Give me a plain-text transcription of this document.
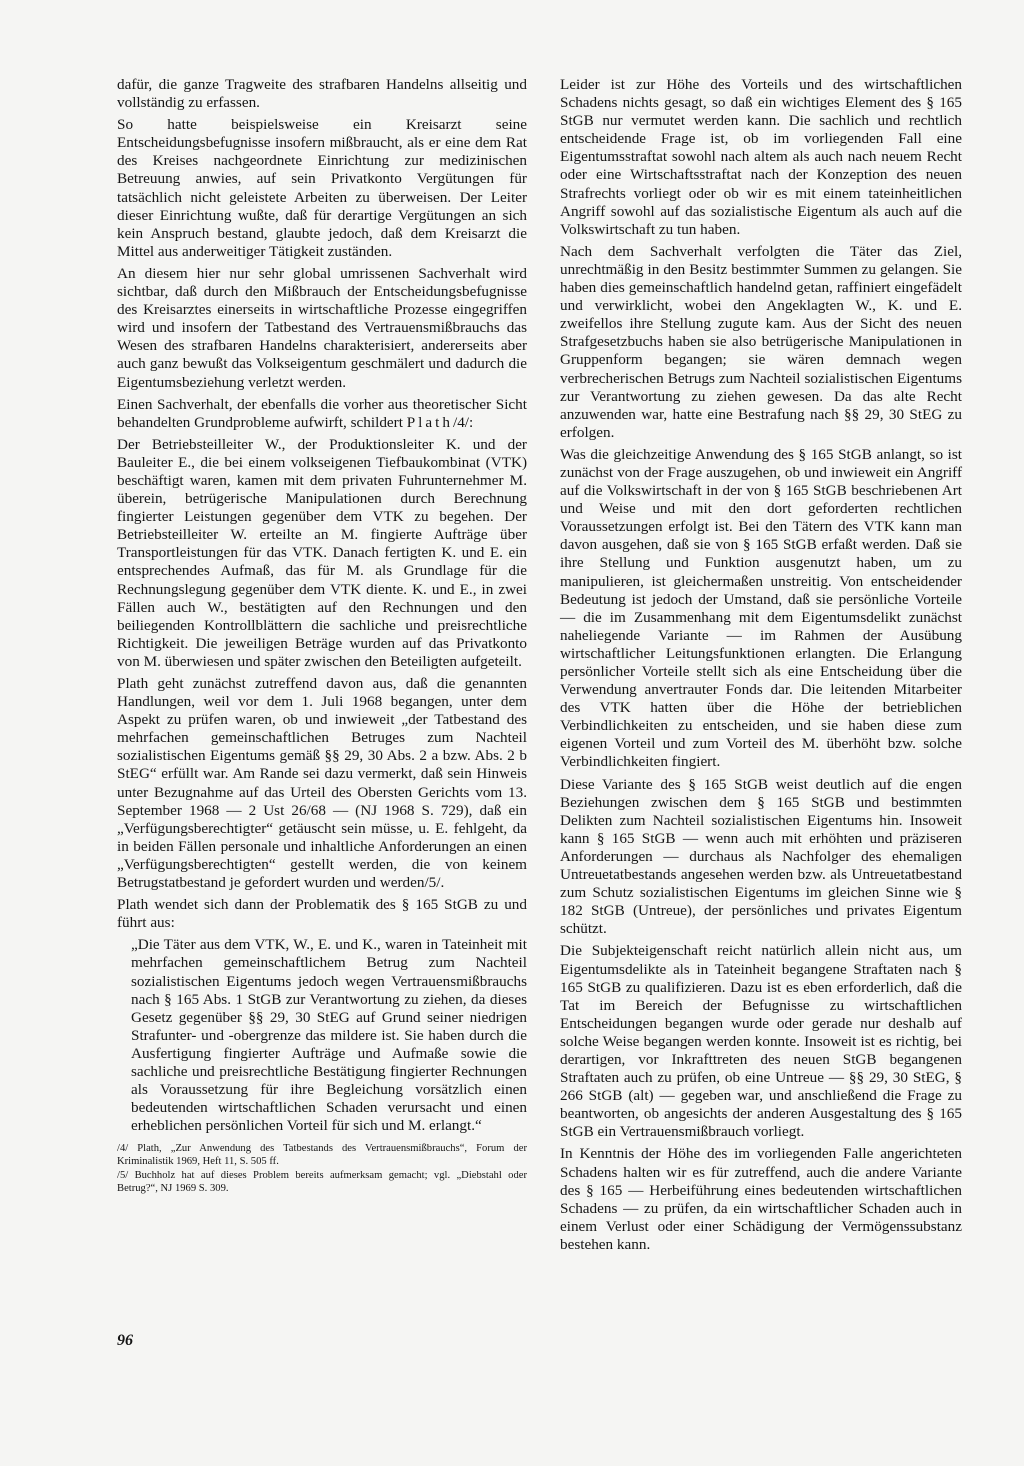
dafür, die ganze Tragweite des strafbaren Handelns allseitig und vollständig zu erfassen.

So hatte beispielsweise ein Kreisarzt seine Entscheidungsbefugnisse insofern mißbraucht, als er eine dem Rat des Kreises nachgeordnete Einrichtung zur medizinischen Betreuung anwies, auf sein Privatkonto Vergütungen für tatsächlich nicht geleistete Arbeiten zu überweisen. Der Leiter dieser Einrichtung wußte, daß für derartige Vergütungen an sich kein Anspruch bestand, glaubte jedoch, daß dem Kreisarzt die Mittel aus anderweitiger Tätigkeit zuständen.

An diesem hier nur sehr global umrissenen Sachverhalt wird sichtbar, daß durch den Mißbrauch der Entscheidungsbefugnisse des Kreisarztes einerseits in wirtschaftliche Prozesse eingegriffen wird und insofern der Tatbestand des Vertrauensmißbrauchs das Wesen des strafbaren Handelns charakterisiert, andererseits aber auch ganz bewußt das Volkseigentum geschmälert und dadurch die Eigentumsbeziehung verletzt werden.

Einen Sachverhalt, der ebenfalls die vorher aus theoretischer Sicht behandelten Grundprobleme aufwirft, schildert Plath/4/:

Der Betriebsteilleiter W., der Produktionsleiter K. und der Bauleiter E., die bei einem volkseigenen Tiefbaukombinat (VTK) beschäftigt waren, kamen mit dem privaten Fuhrunternehmer M. überein, betrügerische Manipulationen durch Berechnung fingierter Leistungen gegenüber dem VTK zu begehen. Der Betriebsteilleiter W. erteilte an M. fingierte Aufträge über Transportleistungen für das VTK. Danach fertigten K. und E. ein entsprechendes Aufmaß, das für M. als Grundlage für die Rechnungslegung gegenüber dem VTK diente. K. und E., in zwei Fällen auch W., bestätigten auf den Rechnungen und den beiliegenden Kontrollblättern die sachliche und preisrechtliche Richtigkeit. Die jeweiligen Beträge wurden auf das Privatkonto von M. überwiesen und später zwischen den Beteiligten aufgeteilt.

Plath geht zunächst zutreffend davon aus, daß die genannten Handlungen, weil vor dem 1. Juli 1968 begangen, unter dem Aspekt zu prüfen waren, ob und inwieweit „der Tatbestand des mehrfachen gemeinschaftlichen Betruges zum Nachteil sozialistischen Eigentums gemäß §§ 29, 30 Abs. 2 a bzw. Abs. 2 b StEG“ erfüllt war. Am Rande sei dazu vermerkt, daß sein Hinweis unter Bezugnahme auf das Urteil des Obersten Gerichts vom 13. September 1968 — 2 Ust 26/68 — (NJ 1968 S. 729), daß ein „Verfügungsberechtigter“ getäuscht sein müsse, u. E. fehlgeht, da in beiden Fällen personale und inhaltliche Anforderungen an einen „Verfügungsberechtigten“ gestellt werden, die von keinem Betrugstatbestand je gefordert wurden und werden/5/.

Plath wendet sich dann der Problematik des § 165 StGB zu und führt aus:

„Die Täter aus dem VTK, W., E. und K., waren in Tateinheit mit mehrfachen gemeinschaftlichem Betrug zum Nachteil sozialistischen Eigentums jedoch wegen Vertrauensmißbrauchs nach § 165 Abs. 1 StGB zur Verantwortung zu ziehen, da dieses Gesetz gegenüber §§ 29, 30 StEG auf Grund seiner niedrigen Strafunter- und -obergrenze das mildere ist. Sie haben durch die Ausfertigung fingierter Aufträge und Aufmaße sowie die sachliche und preisrechtliche Bestätigung fingierter Rechnungen als Voraussetzung für ihre Begleichung vorsätzlich einen bedeutenden wirtschaftlichen Schaden verursacht und einen erheblichen persönlichen Vorteil für sich und M. erlangt.“

/4/ Plath, „Zur Anwendung des Tatbestands des Vertrauensmißbrauchs“, Forum der Kriminalistik 1969, Heft 11, S. 505 ff.

/5/ Buchholz hat auf dieses Problem bereits aufmerksam gemacht; vgl. „Diebstahl oder Betrug?“, NJ 1969 S. 309.

96

Leider ist zur Höhe des Vorteils und des wirtschaftlichen Schadens nichts gesagt, so daß ein wichtiges Element des § 165 StGB nur vermutet werden kann. Die sachlich und rechtlich entscheidende Frage ist, ob im vorliegenden Fall eine Eigentumsstraftat sowohl nach altem als auch nach neuem Recht oder eine Wirtschaftsstraftat nach der Konzeption des neuen Strafrechts vorliegt oder ob wir es mit einem tateinheitlichen Angriff sowohl auf das sozialistische Eigentum als auch auf die Volkswirtschaft zu tun haben.

Nach dem Sachverhalt verfolgten die Täter das Ziel, unrechtmäßig in den Besitz bestimmter Summen zu gelangen. Sie haben dies gemeinschaftlich handelnd getan, raffiniert eingefädelt und verwirklicht, wobei den Angeklagten W., K. und E. zweifellos ihre Stellung zugute kam. Aus der Sicht des neuen Strafgesetzbuchs haben sie also betrügerische Manipulationen in Gruppenform begangen; sie wären demnach wegen verbrecherischen Betrugs zum Nachteil sozialistischen Eigentums zur Verantwortung zu ziehen gewesen. Da das alte Recht anzuwenden war, hatte eine Bestrafung nach §§ 29, 30 StEG zu erfolgen.

Was die gleichzeitige Anwendung des § 165 StGB anlangt, so ist zunächst von der Frage auszugehen, ob und inwieweit ein Angriff auf die Volkswirtschaft in der von § 165 StGB beschriebenen Art und Weise und mit den dort geforderten rechtlichen Voraussetzungen erfolgt ist. Bei den Tätern des VTK kann man davon ausgehen, daß sie von § 165 StGB erfaßt werden. Daß sie ihre Stellung und Funktion ausgenutzt haben, um zu manipulieren, ist gleichermaßen unstreitig. Von entscheidender Bedeutung ist jedoch der Umstand, daß sie persönliche Vorteile — die im Zusammenhang mit dem Eigentumsdelikt zunächst naheliegende Variante — im Rahmen der Ausübung wirtschaftlicher Leitungsfunktionen erlangten. Die Erlangung persönlicher Vorteile stellt sich als eine Entscheidung über die Verwendung anvertrauter Fonds dar. Die leitenden Mitarbeiter des VTK hatten über die Höhe der betrieblichen Verbindlichkeiten zu entscheiden, und sie haben diese zum eigenen Vorteil und zum Vorteil des M. überhöht bzw. solche Verbindlichkeiten fingiert.

Diese Variante des § 165 StGB weist deutlich auf die engen Beziehungen zwischen dem § 165 StGB und bestimmten Delikten zum Nachteil sozialistischen Eigentums hin. Insoweit kann § 165 StGB — wenn auch mit erhöhten und präziseren Anforderungen — durchaus als Nachfolger des ehemaligen Untreuetatbestands angesehen werden bzw. als Untreuetatbestand zum Schutz sozialistischen Eigentums im gleichen Sinne wie § 182 StGB (Untreue), der persönliches und privates Eigentum schützt.

Die Subjekteigenschaft reicht natürlich allein nicht aus, um Eigentumsdelikte als in Tateinheit begangene Straftaten nach § 165 StGB zu qualifizieren. Dazu ist es eben erforderlich, daß die Tat im Bereich der Befugnisse zu wirtschaftlichen Entscheidungen begangen wurde oder gerade nur deshalb auf solche Weise begangen werden konnte. Insoweit ist es richtig, bei derartigen, vor Inkrafttreten des neuen StGB begangenen Straftaten auch zu prüfen, ob eine Untreue — §§ 29, 30 StEG, § 266 StGB (alt) — gegeben war, und anschließend die Frage zu beantworten, ob angesichts der anderen Ausgestaltung des § 165 StGB ein Vertrauensmißbrauch vorliegt.

In Kenntnis der Höhe des im vorliegenden Falle angerichteten Schadens halten wir es für zutreffend, auch die andere Variante des § 165 — Herbeiführung eines bedeutenden wirtschaftlichen Schadens — zu prüfen, da ein wirtschaftlicher Schaden auch in einem Verlust oder einer Schädigung der Vermögenssubstanz bestehen kann.
